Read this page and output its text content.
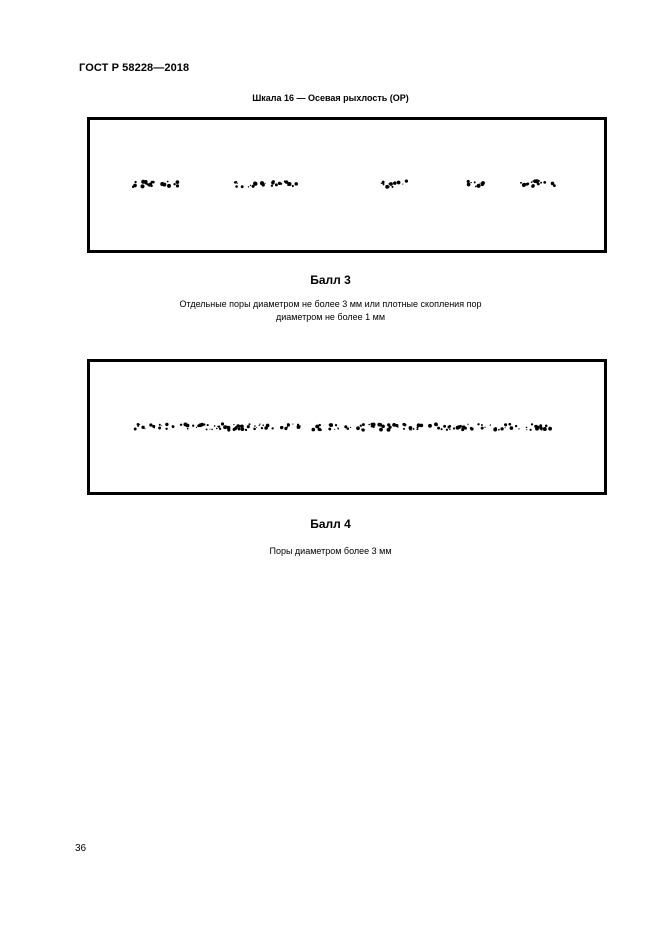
ГОСТ Р 58228—2018
Шкала 16 — Осевая рыхлость (ОР)
Балл 3
Отдельные поры диаметром не более 3 мм или плотные скопления пор
диаметром не более 1 мм
Балл 4
Поры диаметром более 3 мм
36
